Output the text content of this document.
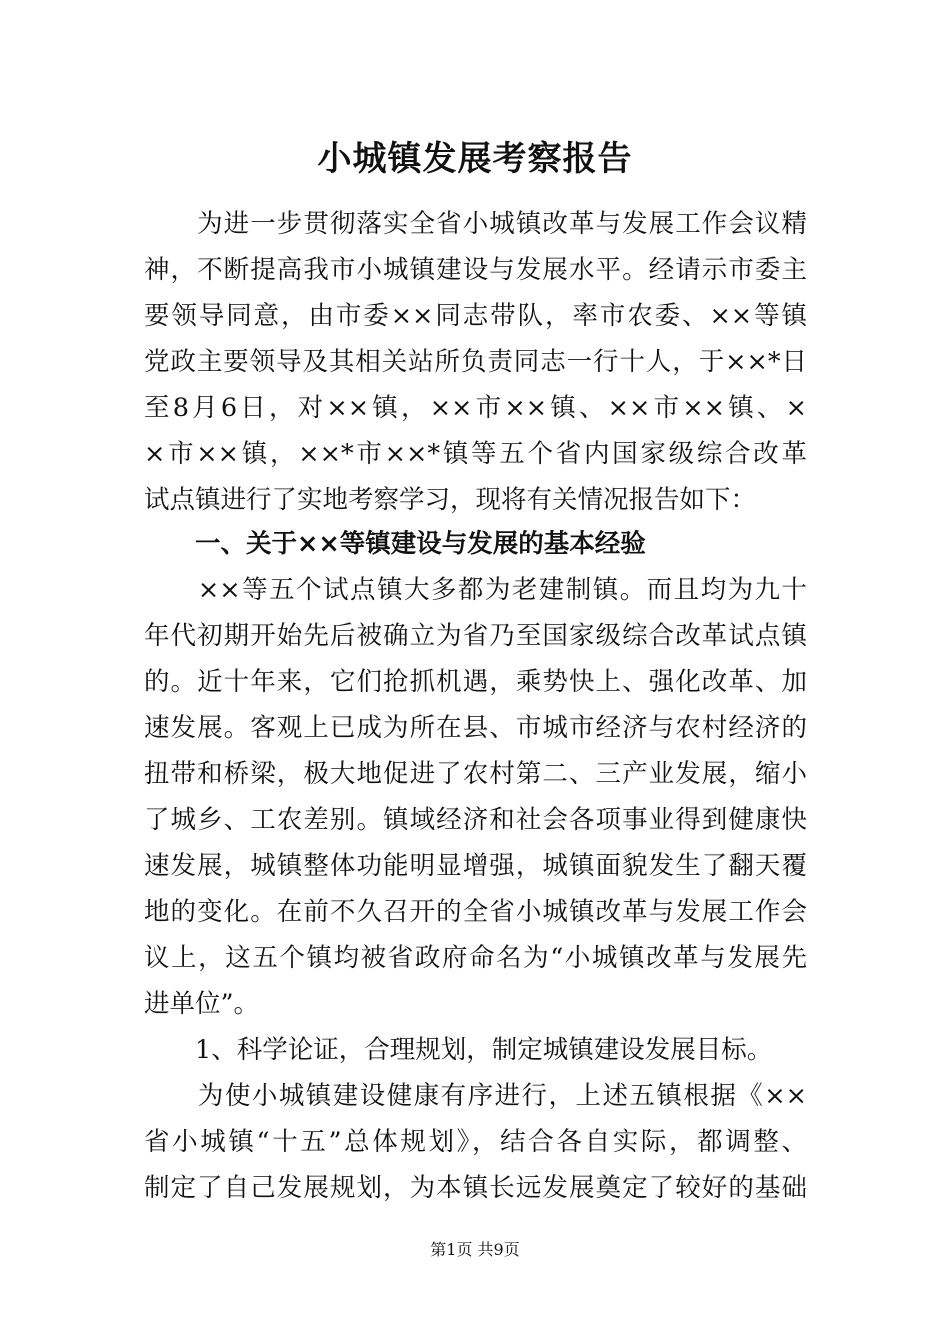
小城镇发展考察报告
　　为进一步贯彻落实全省小城镇改革与发展工作会议精
神，不断提高我市小城镇建设与发展水平。经请示市委主
要领导同意，由市委××同志带队，率市农委、××等镇
党政主要领导及其相关站所负责同志一行十人，于××*日
至8月6日，对××镇，××市××镇、××市××镇、×
×市××镇，××*市××*镇等五个省内国家级综合改革
试点镇进行了实地考察学习，现将有关情况报告如下：
　　一、关于××等镇建设与发展的基本经验
　　××等五个试点镇大多都为老建制镇。而且均为九十
年代初期开始先后被确立为省乃至国家级综合改革试点镇
的。近十年来，它们抢抓机遇，乘势快上、强化改革、加
速发展。客观上已成为所在县、市城市经济与农村经济的
扭带和桥梁，极大地促进了农村第二、三产业发展，缩小
了城乡、工农差别。镇域经济和社会各项事业得到健康快
速发展，城镇整体功能明显增强，城镇面貌发生了翻天覆
地的变化。在前不久召开的全省小城镇改革与发展工作会
议上，这五个镇均被省政府命名为“小城镇改革与发展先
进单位”。
　　1、科学论证，合理规划，制定城镇建设发展目标。
　　为使小城镇建设健康有序进行，上述五镇根据《××
省小城镇“十五”总体规划》，结合各自实际，都调整、
制定了自己发展规划，为本镇长远发展奠定了较好的基础
第1页 共9页
